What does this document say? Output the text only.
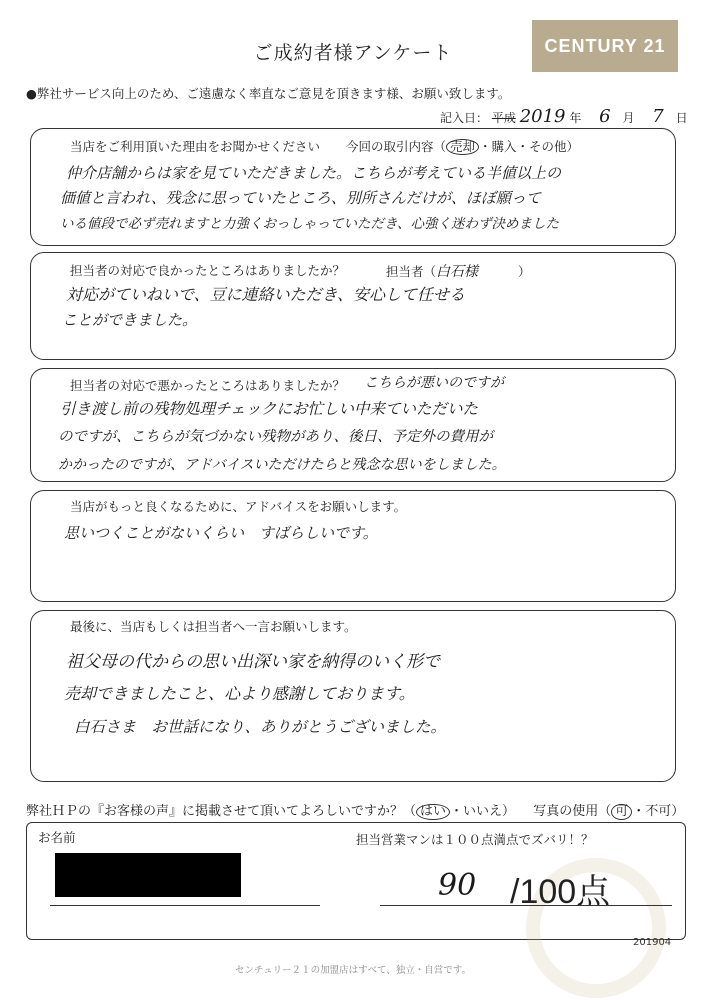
ご成約者様アンケート	CENTURY 21
●弊社サービス向上のため、ご遠慮なく率直なご意見を頂きます様、お願い致します。
記入日： 平成 2019 年 6 月 7 日
当店をご利用頂いた理由をお聞かせください 今回の取引内容（ 売却 ・購入・その他）
仲介店舗からは家を見ていただきました。こちらが考えている半値以上の
価値と言われ、残念に思っていたところ、別所さんだけが、ほぼ願って
いる値段で必ず売れますと力強くおっしゃっていただき、心強く迷わず決めました
担当者の対応で良かったところはありましたか？	担当者（白石様	）
対応がていねいで、豆に連絡いただき、安心して任せる
ことができました。
担当者の対応で悪かったところはありましたか？ こちらが悪いのですが
引き渡し前の残物処理チェックにお忙しい中来ていただいた
のですが、こちらが気づかない残物があり、後日、予定外の費用が
かかったのですが、アドバイスいただけたらと残念な思いをしました。
当店がもっと良くなるために、アドバイスをお願いします。
思いつくことがないくらい　すばらしいです。
最後に、当店もしくは担当者へ一言お願いします。
祖父母の代からの思い出深い家を納得のいく形で
売却できましたこと、心より感謝しております。
白石さま　お世話になり、ありがとうございました。
弊社ＨＰの『お客様の声』に掲載させて頂いてよろしいですか？（ はい ・いいえ） 写真の使用（ 可 ・不可）
お名前	担当営業マンは１００点満点でズバリ！？
90 /100点
201904
センチュリー２１の加盟店はすべて、独立・自営です。
